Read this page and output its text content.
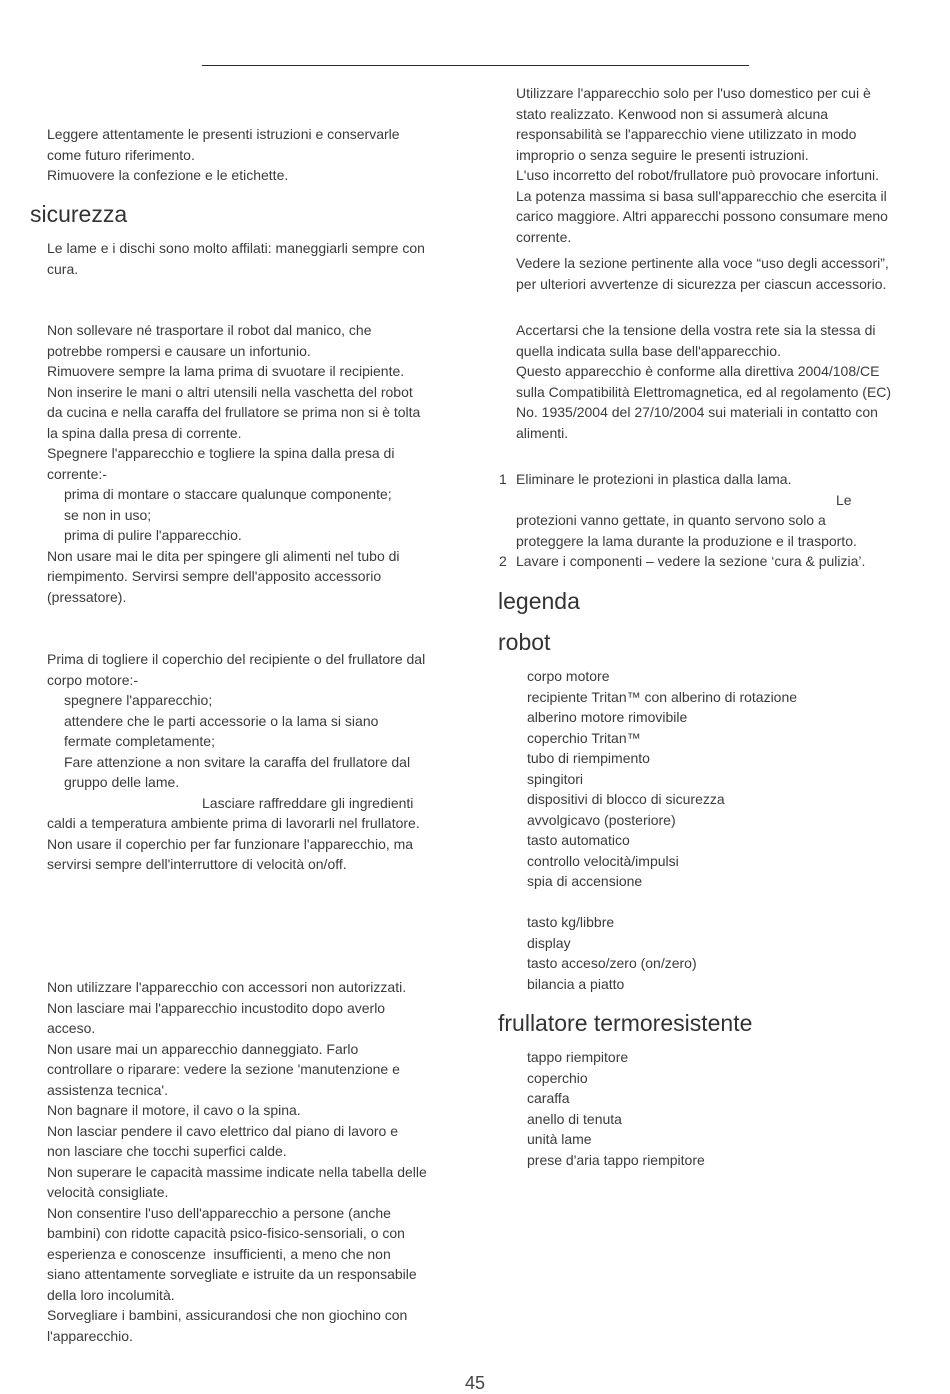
Leggere attentamente le presenti istruzioni e conservarle

come futuro riferimento.

Rimuovere la confezione e le etichette.

sicurezza

Le lame e i dischi sono molto affilati: maneggiarli sempre con

cura.

Non sollevare né trasportare il robot dal manico, che

potrebbe rompersi e causare un infortunio.

Rimuovere sempre la lama prima di svuotare il recipiente.

Non inserire le mani o altri utensili nella vaschetta del robot

da cucina e nella caraffa del frullatore se prima non si è tolta

la spina dalla presa di corrente.

Spegnere l'apparecchio e togliere la spina dalla presa di

corrente:-

prima di montare o staccare qualunque componente;

se non in uso;

prima di pulire l'apparecchio.

Non usare mai le dita per spingere gli alimenti nel tubo di

riempimento. Servirsi sempre dell'apposito accessorio

(pressatore).

Prima di togliere il coperchio del recipiente o del frullatore dal

corpo motore:-

spegnere l'apparecchio;

attendere che le parti accessorie o la lama si siano

fermate completamente;

Fare attenzione a non svitare la caraffa del frullatore dal

gruppo delle lame.

Lasciare raffreddare gli ingredienti

caldi a temperatura ambiente prima di lavorarli nel frullatore.

Non usare il coperchio per far funzionare l'apparecchio, ma

servirsi sempre dell'interruttore di velocità on/off.

Non utilizzare l'apparecchio con accessori non autorizzati.

Non lasciare mai l'apparecchio incustodito dopo averlo

acceso.

Non usare mai un apparecchio danneggiato. Farlo

controllare o riparare: vedere la sezione 'manutenzione e

assistenza tecnica'.

Non bagnare il motore, il cavo o la spina.

Non lasciar pendere il cavo elettrico dal piano di lavoro e

non lasciare che tocchi superfici calde.

Non superare le capacità massime indicate nella tabella delle

velocità consigliate.

Non consentire l'uso dell'apparecchio a persone (anche

bambini) con ridotte capacità psico-fisico-sensoriali, o con

esperienza e conoscenze  insufficienti, a meno che non

siano attentamente sorvegliate e istruite da un responsabile

della loro incolumità.

Sorvegliare i bambini, assicurandosi che non giochino con

l'apparecchio.

Utilizzare l'apparecchio solo per l'uso domestico per cui è

stato realizzato. Kenwood non si assumerà alcuna

responsabilità se l'apparecchio viene utilizzato in modo

improprio o senza seguire le presenti istruzioni.

L'uso incorretto del robot/frullatore può provocare infortuni.

La potenza massima si basa sull'apparecchio che esercita il

carico maggiore. Altri apparecchi possono consumare meno

corrente.

Vedere la sezione pertinente alla voce “uso degli accessori”,

per ulteriori avvertenze di sicurezza per ciascun accessorio.

Accertarsi che la tensione della vostra rete sia la stessa di

quella indicata sulla base dell'apparecchio.

Questo apparecchio è conforme alla direttiva 2004/108/CE

sulla Compatibilità Elettromagnetica, ed al regolamento (EC)

No. 1935/2004 del 27/10/2004 sui materiali in contatto con

alimenti.

1 Eliminare le protezioni in plastica dalla lama.

Le

protezioni vanno gettate, in quanto servono solo a

proteggere la lama durante la produzione e il trasporto.

2 Lavare i componenti – vedere la sezione ‘cura & pulizia’.

legenda
robot
corpo motore
recipiente Tritan™ con alberino di rotazione
alberino motore rimovibile
coperchio Tritan™
tubo di riempimento
spingitori
dispositivi di blocco di sicurezza
avvolgicavo (posteriore)
tasto automatico
controllo velocità/impulsi
spia di accensione
tasto kg/libbre
display
tasto acceso/zero (on/zero)
bilancia a piatto
frullatore termoresistente
tappo riempitore
coperchio
caraffa
anello di tenuta
unità lame
prese d'aria tappo riempitore
45
